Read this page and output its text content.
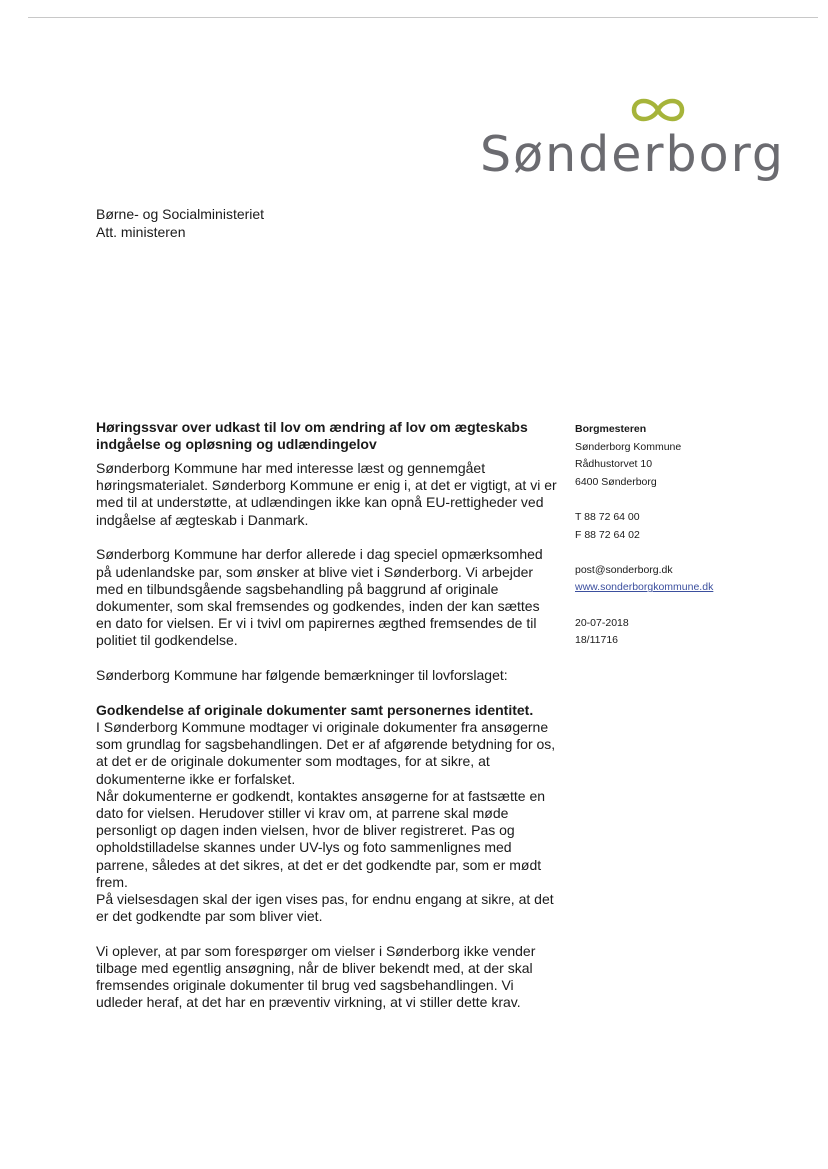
Sønderborg
Børne- og Socialministeriet
Att. ministeren
Høringssvar over udkast til lov om ændring af lov om ægteskabs indgåelse og opløsning og udlændingelov

Sønderborg Kommune har med interesse læst og gennemgået høringsmaterialet. Sønderborg Kommune er enig i, at det er vigtigt, at vi er med til at understøtte, at udlændingen ikke kan opnå EU-rettigheder ved indgåelse af ægteskab i Danmark.

Sønderborg Kommune har derfor allerede i dag speciel opmærksomhed på udenlandske par, som ønsker at blive viet i Sønderborg. Vi arbejder med en tilbundsgående sagsbehandling på baggrund af originale dokumenter, som skal fremsendes og godkendes, inden der kan sættes en dato for vielsen. Er vi i tvivl om papirernes ægthed fremsendes de til politiet til godkendelse.

Sønderborg Kommune har følgende bemærkninger til lovforslaget:

Godkendelse af originale dokumenter samt personernes identitet.

I Sønderborg Kommune modtager vi originale dokumenter fra ansøgerne som grundlag for sagsbehandlingen. Det er af afgørende betydning for os, at det er de originale dokumenter som modtages, for at sikre, at dokumenterne ikke er forfalsket.

Når dokumenterne er godkendt, kontaktes ansøgerne for at fastsætte en dato for vielsen. Herudover stiller vi krav om, at parrene skal møde personligt op dagen inden vielsen, hvor de bliver registreret. Pas og opholdstilladelse skannes under UV-lys og foto sammenlignes med parrene, således at det sikres, at det er det godkendte par, som er mødt frem.

På vielsesdagen skal der igen vises pas, for endnu engang at sikre, at det er det godkendte par som bliver viet.

Vi oplever, at par som forespørger om vielser i Sønderborg ikke vender tilbage med egentlig ansøgning, når de bliver bekendt med, at der skal fremsendes originale dokumenter til brug ved sagsbehandlingen. Vi udleder heraf, at det har en præventiv virkning, at vi stiller dette krav.

Borgmesteren
Sønderborg Kommune
Rådhustorvet 10
6400 Sønderborg
T 88 72 64 00
F 88 72 64 02
post@sonderborg.dk
www.sonderborgkommune.dk
20-07-2018
18/11716
